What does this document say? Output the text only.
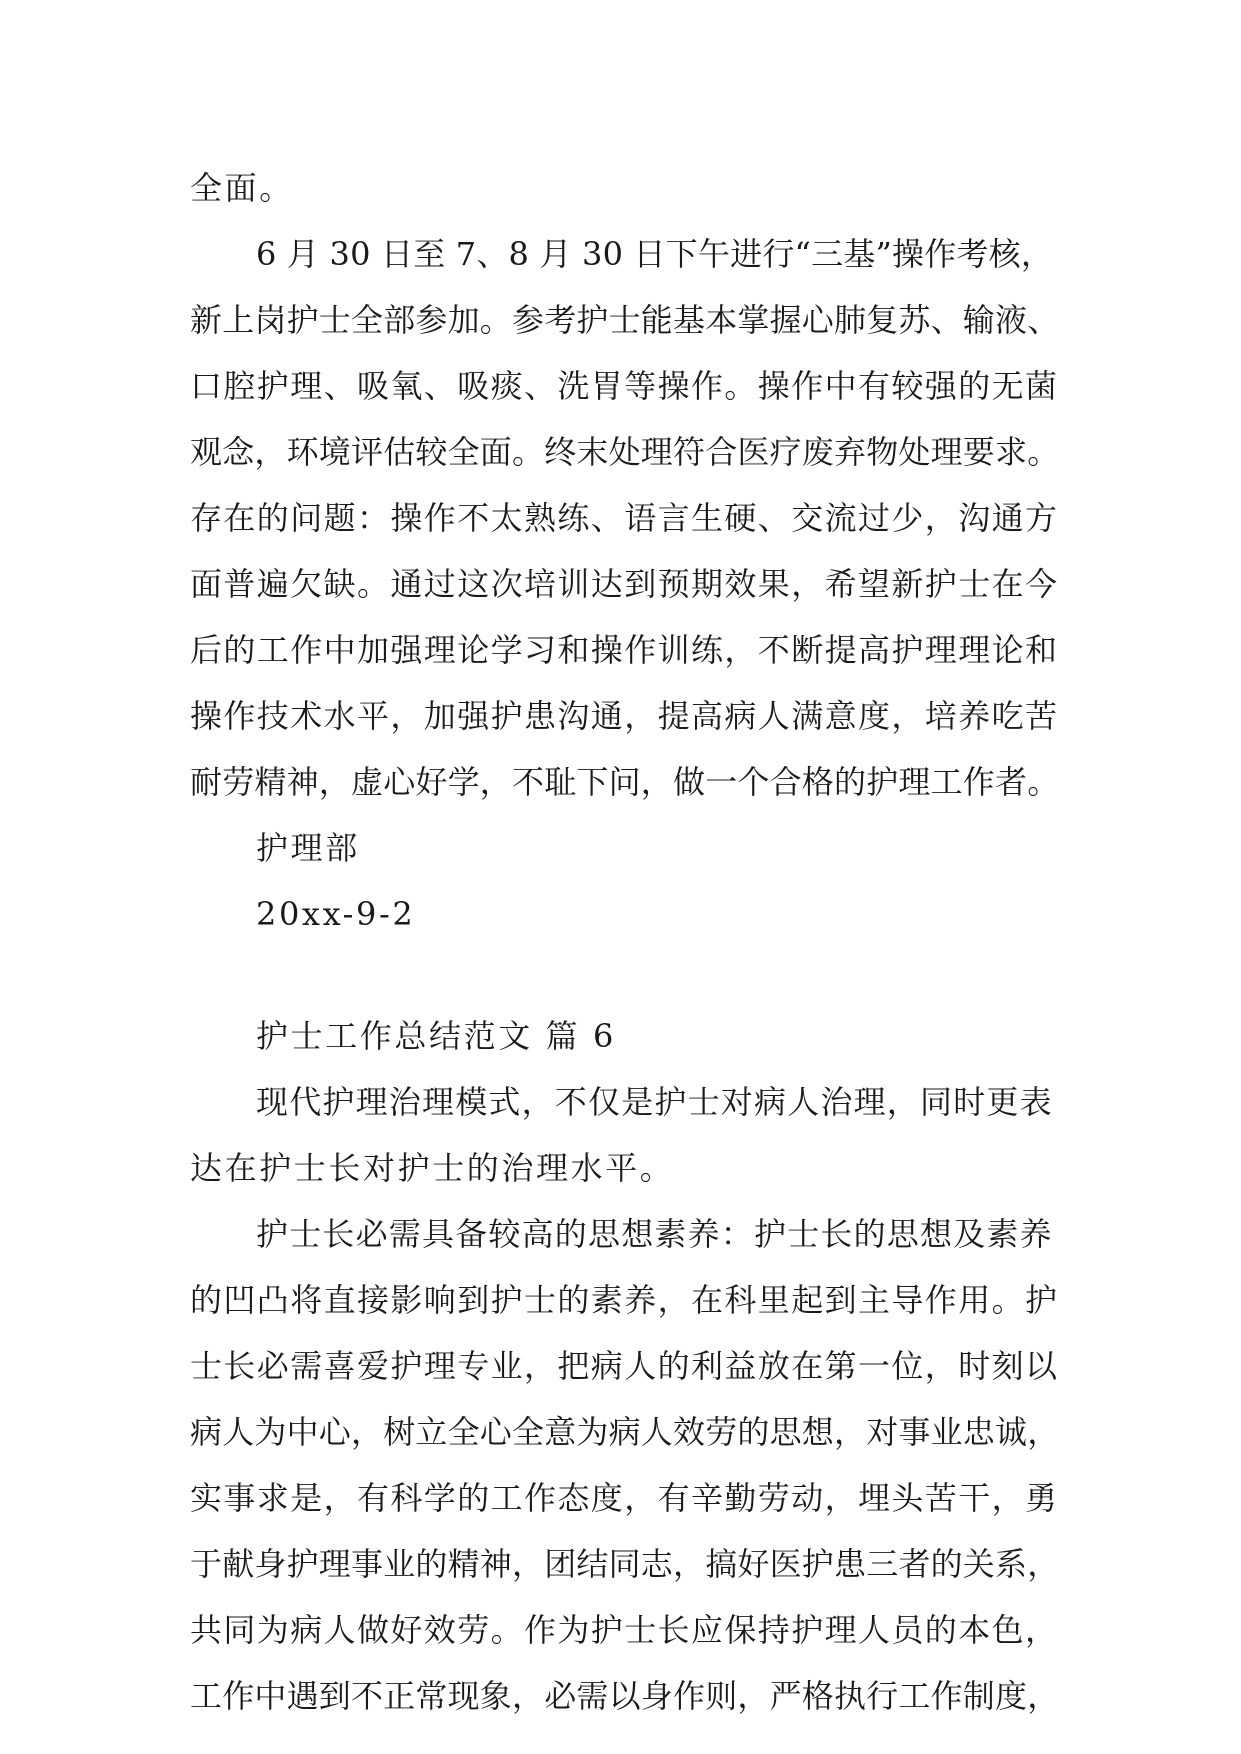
全面。
6 月 30 日至 7、8 月 30 日下午进行“三基”操作考核，
新上岗护士全部参加。参考护士能基本掌握心肺复苏、输液、
口腔护理、吸氧、吸痰、洗胃等操作。操作中有较强的无菌
观念，环境评估较全面。终末处理符合医疗废弃物处理要求。
存在的问题：操作不太熟练、语言生硬、交流过少，沟通方
面普遍欠缺。通过这次培训达到预期效果，希望新护士在今
后的工作中加强理论学习和操作训练，不断提高护理理论和
操作技术水平，加强护患沟通，提高病人满意度，培养吃苦
耐劳精神，虚心好学，不耻下问，做一个合格的护理工作者。
护理部
20xx-9-2
护士工作总结范文 篇 6
现代护理治理模式，不仅是护士对病人治理，同时更表
达在护士长对护士的治理水平。
护士长必需具备较高的思想素养：护士长的思想及素养
的凹凸将直接影响到护士的素养，在科里起到主导作用。护
士长必需喜爱护理专业，把病人的利益放在第一位，时刻以
病人为中心，树立全心全意为病人效劳的思想，对事业忠诚，
实事求是，有科学的工作态度，有辛勤劳动，埋头苦干，勇
于献身护理事业的精神，团结同志，搞好医护患三者的关系，
共同为病人做好效劳。作为护士长应保持护理人员的本色，
工作中遇到不正常现象，必需以身作则，严格执行工作制度，
